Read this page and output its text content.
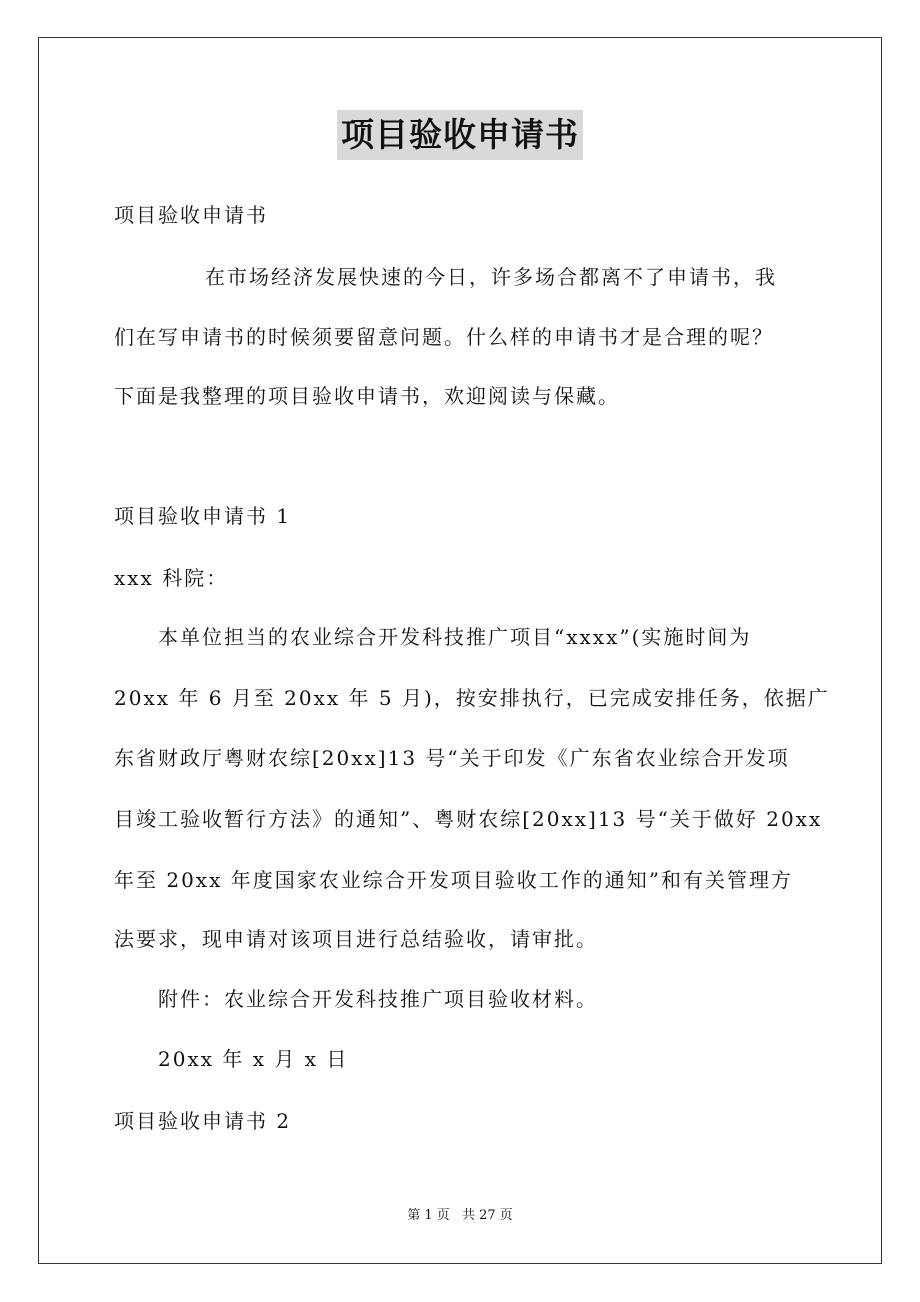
项目验收申请书
项目验收申请书
在市场经济发展快速的今日，许多场合都离不了申请书，我
们在写申请书的时候须要留意问题。什么样的申请书才是合理的呢？
下面是我整理的项目验收申请书，欢迎阅读与保藏。
项目验收申请书 1
xxx 科院：
本单位担当的农业综合开发科技推广项目“xxxx”(实施时间为
20xx 年 6 月至 20xx 年 5 月)，按安排执行，已完成安排任务，依据广
东省财政厅粤财农综[20xx]13 号“关于印发《广东省农业综合开发项
目竣工验收暂行方法》的通知”、粤财农综[20xx]13 号“关于做好 20xx
年至 20xx 年度国家农业综合开发项目验收工作的通知”和有关管理方
法要求，现申请对该项目进行总结验收，请审批。
附件：农业综合开发科技推广项目验收材料。
20xx 年 x 月 x 日
项目验收申请书 2
第 1 页 共 27 页
